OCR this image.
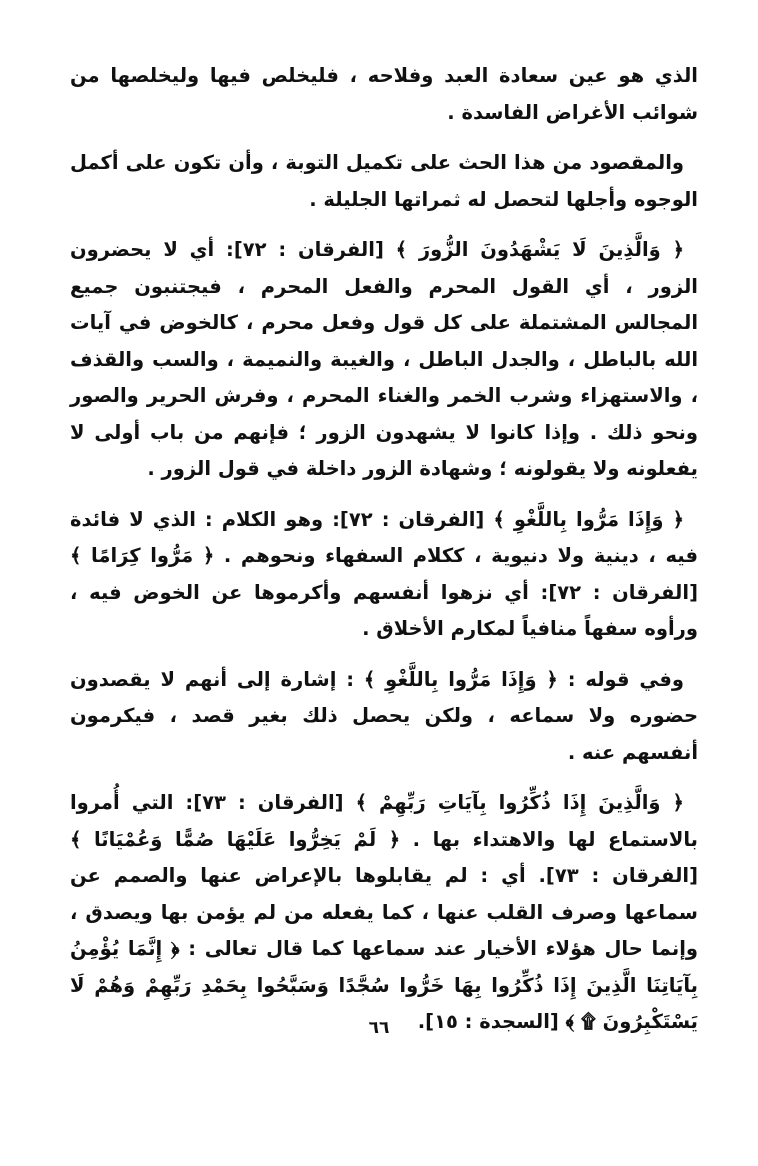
الذي هو عين سعادة العبد وفلاحه ، فليخلص فيها وليخلصها من شوائب الأغراض الفاسدة .

والمقصود من هذا الحث على تكميل التوبة ، وأن تكون على أكمل الوجوه وأجلها لتحصل له ثمراتها الجليلة .

﴿ وَالَّذِينَ لَا يَشْهَدُونَ الزُّورَ ﴾ [الفرقان : ٧٢]: أي لا يحضرون الزور ، أي القول المحرم والفعل المحرم ، فيجتنبون جميع المجالس المشتملة على كل قول وفعل محرم ، كالخوض في آيات الله بالباطل ، والجدل الباطل ، والغيبة والنميمة ، والسب والقذف ، والاستهزاء وشرب الخمر والغناء المحرم ، وفرش الحرير والصور ونحو ذلك . وإذا كانوا لا يشهدون الزور ؛ فإنهم من باب أولى لا يفعلونه ولا يقولونه ؛ وشهادة الزور داخلة في قول الزور .

﴿ وَإِذَا مَرُّوا بِاللَّغْوِ ﴾ [الفرقان : ٧٢]: وهو الكلام : الذي لا فائدة فيه ، دينية ولا دنيوية ، ككلام السفهاء ونحوهم . ﴿ مَرُّوا كِرَامًا ﴾ [الفرقان : ٧٢]: أي نزهوا أنفسهم وأكرموها عن الخوض فيه ، ورأوه سفهاً منافياً لمكارم الأخلاق .

وفي قوله : ﴿ وَإِذَا مَرُّوا بِاللَّغْوِ ﴾ : إشارة إلى أنهم لا يقصدون حضوره ولا سماعه ، ولكن يحصل ذلك بغير قصد ، فيكرمون أنفسهم عنه .

﴿ وَالَّذِينَ إِذَا ذُكِّرُوا بِآيَاتِ رَبِّهِمْ ﴾ [الفرقان : ٧٣]: التي أُمروا بالاستماع لها والاهتداء بها . ﴿ لَمْ يَخِرُّوا عَلَيْهَا صُمًّا وَعُمْيَانًا ﴾ [الفرقان : ٧٣]. أي : لم يقابلوها بالإعراض عنها والصمم عن سماعها وصرف القلب عنها ، كما يفعله من لم يؤمن بها ويصدق ، وإنما حال هؤلاء الأخيار عند سماعها كما قال تعالى : ﴿ إِنَّمَا يُؤْمِنُ بِآيَاتِنَا الَّذِينَ إِذَا ذُكِّرُوا بِهَا خَرُّوا سُجَّدًا وَسَبَّحُوا بِحَمْدِ رَبِّهِمْ وَهُمْ لَا يَسْتَكْبِرُونَ ۩ ﴾ [السجدة : ١٥].

٦٦
